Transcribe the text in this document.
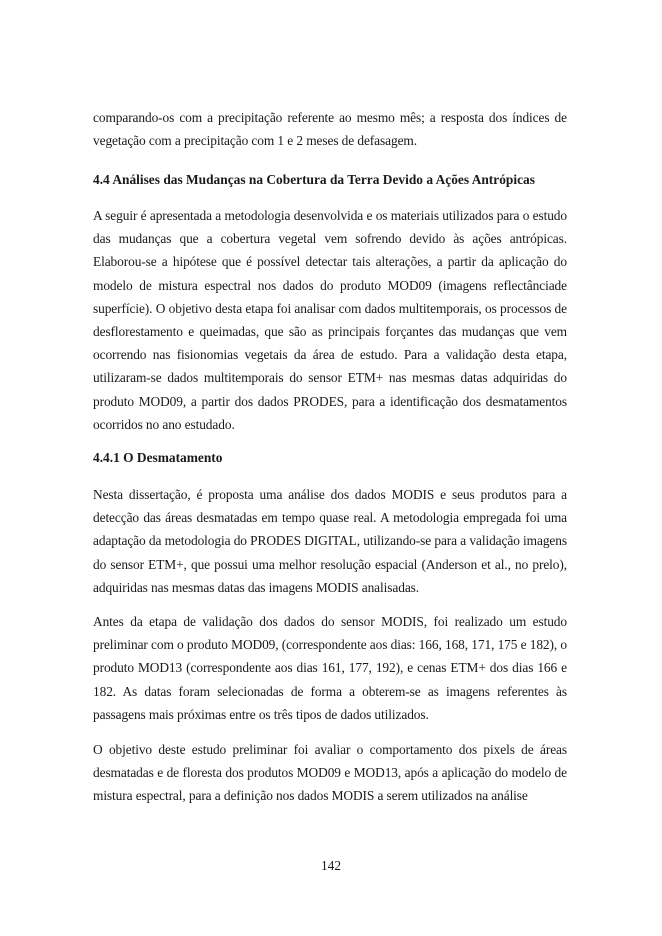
comparando-os com a precipitação referente ao mesmo mês; a resposta dos índices de vegetação com a precipitação com 1 e 2 meses de defasagem.

4.4 Análises das Mudanças na Cobertura da Terra Devido a Ações Antrópicas

A seguir é apresentada a metodologia desenvolvida e os materiais utilizados para o estudo das mudanças que a cobertura vegetal vem sofrendo devido às ações antrópicas. Elaborou-se a hipótese que é possível detectar tais alterações, a partir da aplicação do modelo de mistura espectral nos dados do produto MOD09 (imagens reflectânciade superfície). O objetivo desta etapa foi analisar com dados multitemporais, os processos de desflorestamento e queimadas, que são as principais forçantes das mudanças que vem ocorrendo nas fisionomias vegetais da área de estudo. Para a validação desta etapa, utilizaram-se dados multitemporais do sensor ETM+ nas mesmas datas adquiridas do produto MOD09, a partir dos dados PRODES, para a identificação dos desmatamentos ocorridos no ano estudado.

4.4.1 O Desmatamento

Nesta dissertação, é proposta uma análise dos dados MODIS e seus produtos para a detecção das áreas desmatadas em tempo quase real. A metodologia empregada foi uma adaptação da metodologia do PRODES DIGITAL, utilizando-se para a validação imagens do sensor ETM+, que possui uma melhor resolução espacial (Anderson et al., no prelo), adquiridas nas mesmas datas das imagens MODIS analisadas.

Antes da etapa de validação dos dados do sensor MODIS, foi realizado um estudo preliminar com o produto MOD09, (correspondente aos dias: 166, 168, 171, 175 e 182), o produto MOD13 (correspondente aos dias 161, 177, 192), e cenas ETM+ dos dias 166 e 182. As datas foram selecionadas de forma a obterem-se as imagens referentes às passagens mais próximas entre os três tipos de dados utilizados.

O objetivo deste estudo preliminar foi avaliar o comportamento dos pixels de áreas desmatadas e de floresta dos produtos MOD09 e MOD13, após a aplicação do modelo de mistura espectral, para a definição nos dados MODIS a serem utilizados na análise

142
